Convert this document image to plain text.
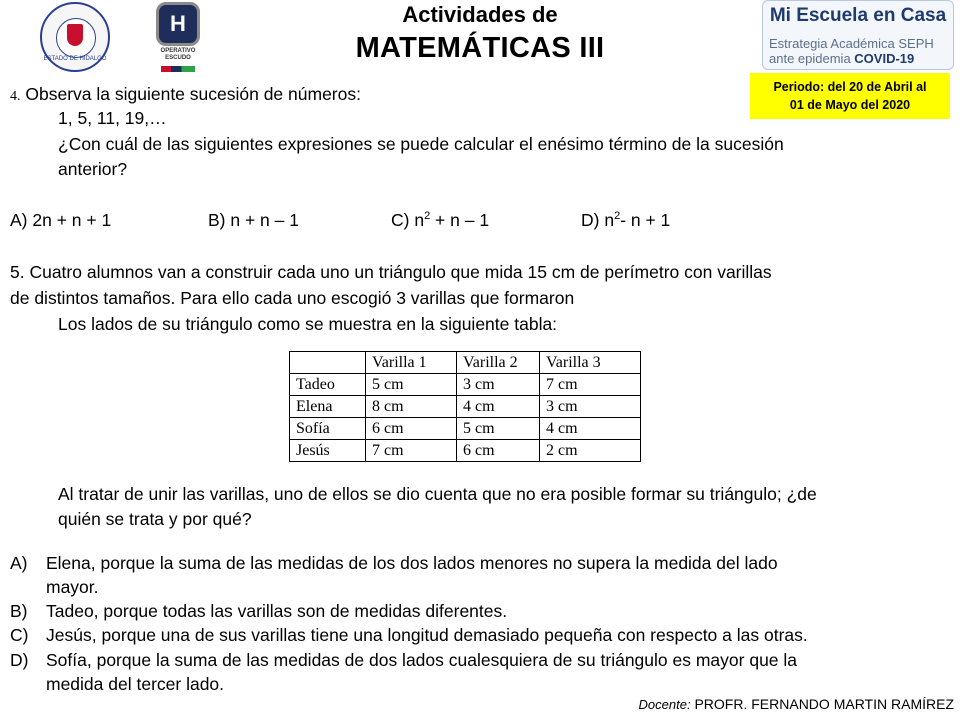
ESTADO DE HIDALGO
H
OPERATIVO ESCUDO
Actividades de
MATEMÁTICAS III
Mi Escuela en Casa
Estrategia Académica SEPH
ante epidemia COVID-19
Periodo: del 20 de Abril al
01 de Mayo del 2020
4. Observa la siguiente sucesión de números:
1, 5, 11, 19,…
¿Con cuál de las siguientes expresiones se puede calcular el enésimo término de la sucesión
anterior?
A) 2n + n + 1	B) n + n – 1	C) $n^2 + n - 1$	D) $n^2-$ n + 1
5. Cuatro alumnos van a construir cada uno un triángulo que mida 15 cm de perímetro con varillas
de distintos tamaños. Para ello cada uno escogió 3 varillas que formaron
Los lados de su triángulo como se muestra en la siguiente tabla:
	Varilla 1	Varilla 2	Varilla 3
Tadeo	5 cm	3 cm	7 cm
Elena	8 cm	4 cm	3 cm
Sofía	6 cm	5 cm	4 cm
Jesús	7 cm	6 cm	2 cm
Al tratar de unir las varillas, uno de ellos se dio cuenta que no era posible formar su triángulo; ¿de
quién se trata y por qué?
A) Elena, porque la suma de las medidas de los dos lados menores no supera la medida del lado
mayor.
B) Tadeo, porque todas las varillas son de medidas diferentes.
C) Jesús, porque una de sus varillas tiene una longitud demasiado pequeña con respecto a las otras.
D) Sofía, porque la suma de las medidas de dos lados cualesquiera de su triángulo es mayor que la
medida del tercer lado.
Docente: PROFR. FERNANDO MARTIN RAMÍREZ
